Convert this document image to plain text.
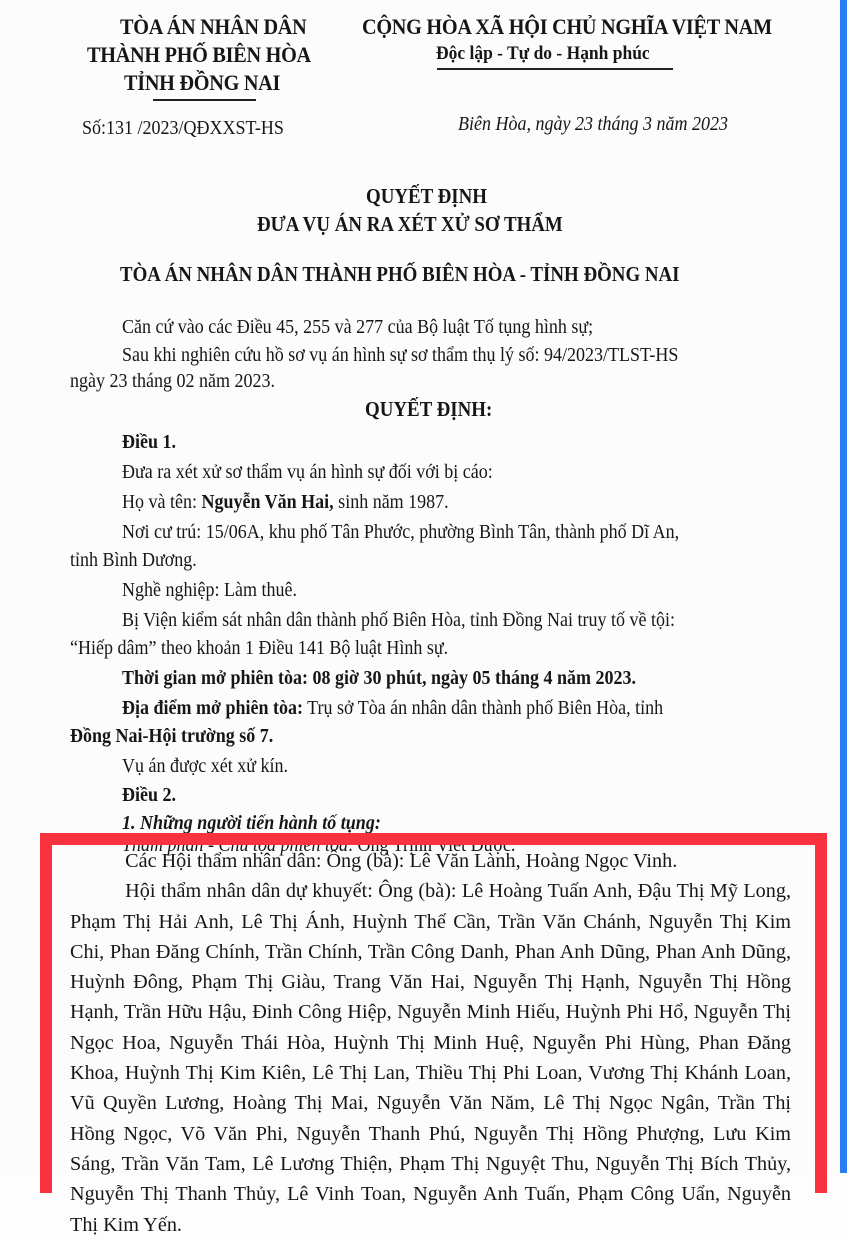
TÒA ÁN NHÂN DÂN
THÀNH PHỐ BIÊN HÒA
TỈNH ĐỒNG NAI
CỘNG HÒA XÃ HỘI CHỦ NGHĨA VIỆT NAM
Độc lập - Tự do - Hạnh phúc
Số:131 /2023/QĐXXST-HS	Biên Hòa, ngày 23 tháng 3 năm 2023
QUYẾT ĐỊNH
ĐƯA VỤ ÁN RA XÉT XỬ SƠ THẨM
TÒA ÁN NHÂN DÂN THÀNH PHỐ BIÊN HÒA - TỈNH ĐỒNG NAI
Căn cứ vào các Điều 45, 255 và 277 của Bộ luật Tố tụng hình sự;
Sau khi nghiên cứu hồ sơ vụ án hình sự sơ thẩm thụ lý số: 94/2023/TLST-HS
ngày 23 tháng 02 năm 2023.
QUYẾT ĐỊNH:
Điều 1.
Đưa ra xét xử sơ thẩm vụ án hình sự đối với bị cáo:
Họ và tên: Nguyễn Văn Hai, sinh năm 1987.
Nơi cư trú: 15/06A, khu phố Tân Phước, phường Bình Tân, thành phố Dĩ An,
tỉnh Bình Dương.
Nghề nghiệp: Làm thuê.
Bị Viện kiểm sát nhân dân thành phố Biên Hòa, tỉnh Đồng Nai truy tố về tội:
“Hiếp dâm” theo khoản 1 Điều 141 Bộ luật Hình sự.
Thời gian mở phiên tòa: 08 giờ 30 phút, ngày 05 tháng 4 năm 2023.
Địa điểm mở phiên tòa: Trụ sở Tòa án nhân dân thành phố Biên Hòa, tỉnh
Đồng Nai-Hội trường số 7.
Vụ án được xét xử kín.
Điều 2.
1. Những người tiến hành tố tụng:
Thẩm phán - Chủ tọa phiên tòa: Ông Trịnh Viết Dược.

Các Hội thẩm nhân dân: Ông (bà): Lê Văn Lành, Hoàng Ngọc Vinh.

Hội thẩm nhân dân dự khuyết: Ông (bà): Lê Hoàng Tuấn Anh, Đậu Thị Mỹ Long, Phạm Thị Hải Anh, Lê Thị Ánh, Huỳnh Thế Cần, Trần Văn Chánh, Nguyễn Thị Kim Chi, Phan Đăng Chính, Trần Chính, Trần Công Danh, Phan Anh Dũng, Phan Anh Dũng, Huỳnh Đông, Phạm Thị Giàu, Trang Văn Hai, Nguyễn Thị Hạnh, Nguyễn Thị Hồng Hạnh, Trần Hữu Hậu, Đinh Công Hiệp, Nguyễn Minh Hiếu, Huỳnh Phi Hổ, Nguyễn Thị Ngọc Hoa, Nguyễn Thái Hòa, Huỳnh Thị Minh Huệ, Nguyễn Phi Hùng, Phan Đăng Khoa, Huỳnh Thị Kim Kiên, Lê Thị Lan, Thiều Thị Phi Loan, Vương Thị Khánh Loan, Vũ Quyền Lương, Hoàng Thị Mai, Nguyễn Văn Năm, Lê Thị Ngọc Ngân, Trần Thị Hồng Ngọc, Võ Văn Phi, Nguyễn Thanh Phú, Nguyễn Thị Hồng Phượng, Lưu Kim Sáng, Trần Văn Tam, Lê Lương Thiện, Phạm Thị Nguyệt Thu, Nguyễn Thị Bích Thủy, Nguyễn Thị Thanh Thủy, Lê Vinh Toan, Nguyễn Anh Tuấn, Phạm Công Uẩn, Nguyễn Thị Kim Yến.
